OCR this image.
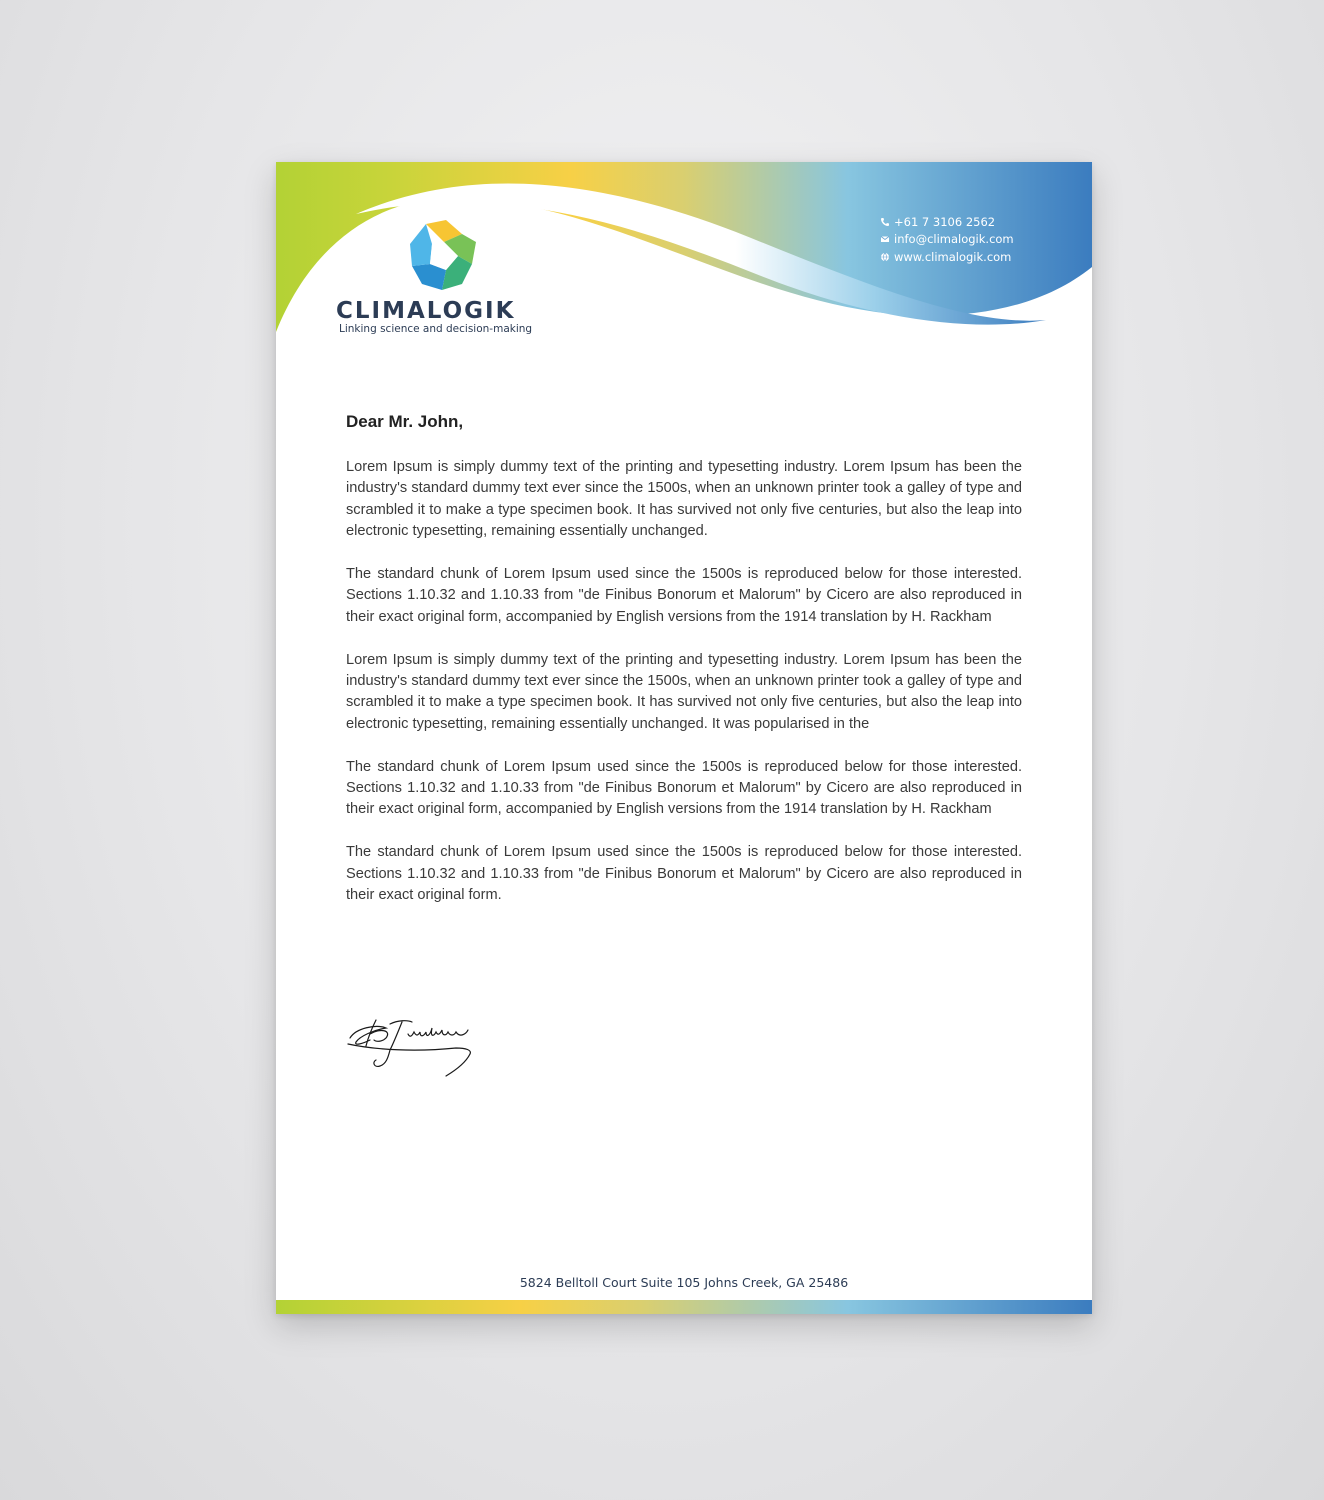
CLIMALOGIK
Linking science and decision-making
+61 7 3106 2562
info@climalogik.com
www.climalogik.com
Dear Mr. John,

Lorem Ipsum is simply dummy text of the printing and typesetting industry. Lorem Ipsum has been the industry's standard dummy text ever since the 1500s, when an unknown printer took a galley of type and scrambled it to make a type specimen book. It has survived not only five centuries, but also the leap into electronic typesetting, remaining essentially unchanged.

The standard chunk of Lorem Ipsum used since the 1500s is reproduced below for those interested. Sections 1.10.32 and 1.10.33 from "de Finibus Bonorum et Malorum" by Cicero are also reproduced in their exact original form, accompanied by English versions from the 1914 translation by H. Rackham

Lorem Ipsum is simply dummy text of the printing and typesetting industry. Lorem Ipsum has been the industry's standard dummy text ever since the 1500s, when an unknown printer took a galley of type and scrambled it to make a type specimen book. It has survived not only five centuries, but also the leap into electronic typesetting, remaining essentially unchanged. It was popularised in the

The standard chunk of Lorem Ipsum used since the 1500s is reproduced below for those interested. Sections 1.10.32 and 1.10.33 from "de Finibus Bonorum et Malorum" by Cicero are also reproduced in their exact original form, accompanied by English versions from the 1914 translation by H. Rackham

The standard chunk of Lorem Ipsum used since the 1500s is reproduced below for those interested. Sections 1.10.32 and 1.10.33 from "de Finibus Bonorum et Malorum" by Cicero are also reproduced in their exact original form.

5824 Belltoll Court Suite 105 Johns Creek, GA 25486
